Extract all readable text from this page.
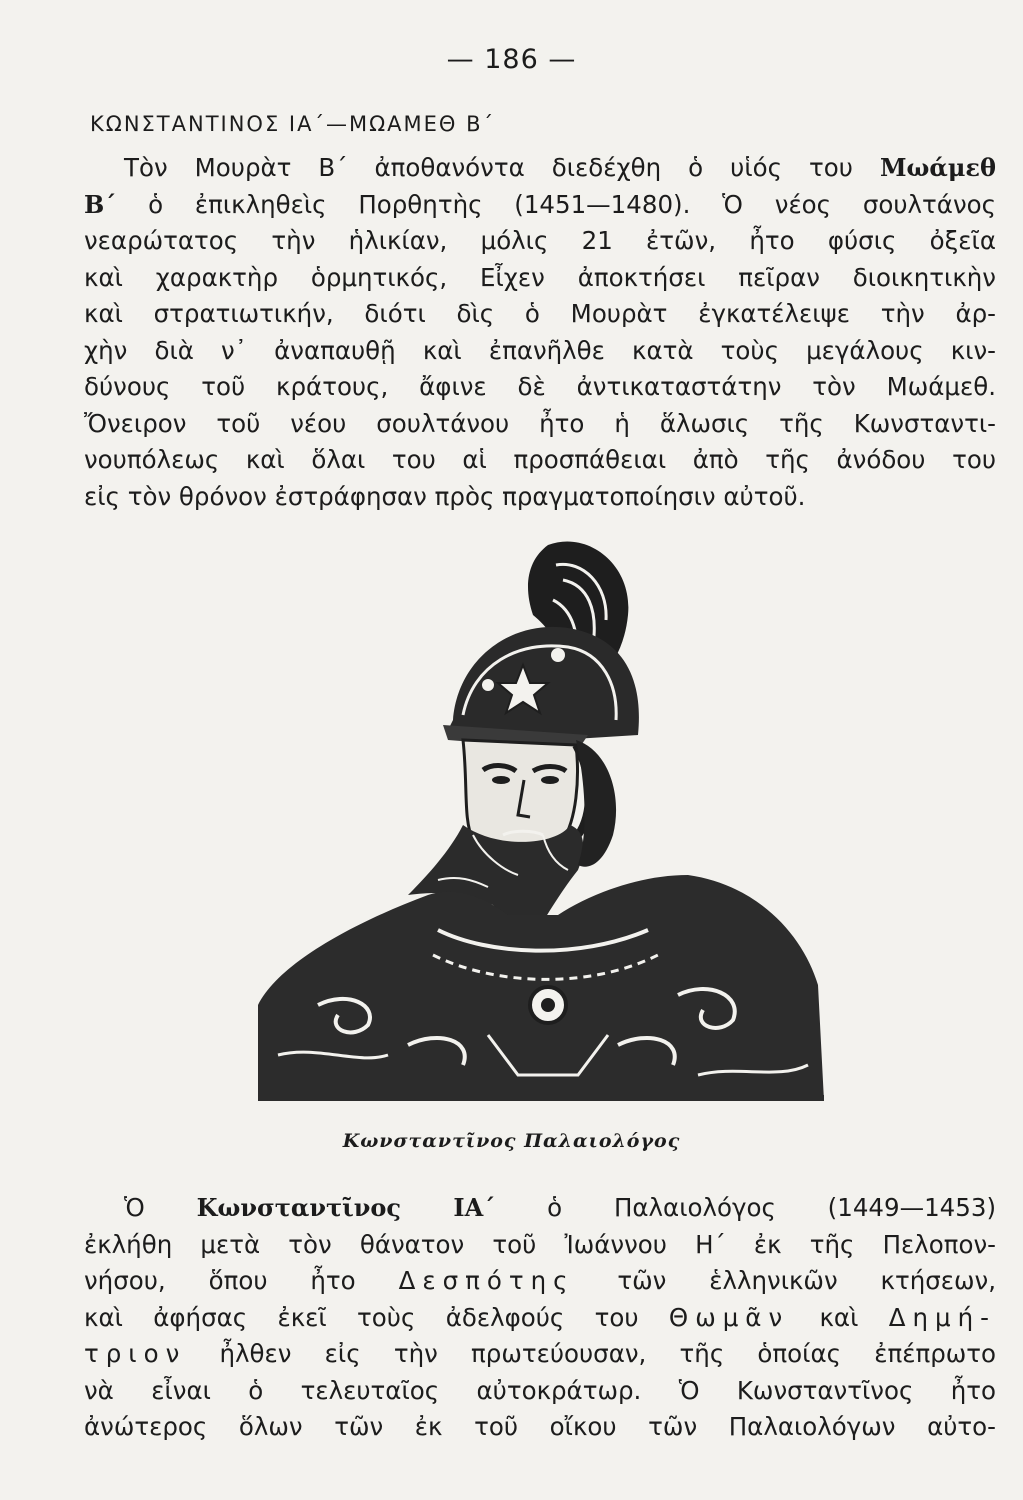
— 186 —
ΚΩΝΣΤΑΝΤΙΝΟΣ ΙΑ΄—ΜΩΑΜΕΘ Β΄
Τὸν Μουρὰτ Β΄ ἀποθανόντα διεδέχθη ὁ υἱός του Μωάμεθ
Β΄ ὁ ἐπικληθεὶς Πορθητὴς (1451—1480). Ὁ νέος σουλτάνος
νεαρώτατος τὴν ἡλικίαν, μόλις 21 ἐτῶν, ἦτο φύσις ὀξεῖα
καὶ χαρακτὴρ ὁρμητικός, Εἶχεν ἀποκτήσει πεῖραν διοικητικὴν
καὶ στρατιωτικήν, διότι δὶς ὁ Μουρὰτ ἐγκατέλειψε τὴν ἀρ-
χὴν διὰ ν᾿ ἀναπαυθῇ καὶ ἐπανῆλθε κατὰ τοὺς μεγάλους κιν-
δύνους τοῦ κράτους, ἄφινε δὲ ἀντικαταστάτην τὸν Μωάμεθ.
Ὄνειρον τοῦ νέου σουλτάνου ἦτο ἡ ἅλωσις τῆς Κωνσταντι-
νουπόλεως καὶ ὅλαι του αἱ προσπάθειαι ἀπὸ τῆς ἀνόδου του
εἰς τὸν θρόνον ἐστράφησαν πρὸς πραγματοποίησιν αὐτοῦ.
Κωνσταντῖνος Παλαιολόγος
Ὁ Κωνσταντῖνος ΙΑ΄ ὁ Παλαιολόγος (1449—1453)
ἐκλήθη μετὰ τὸν θάνατον τοῦ Ἰωάννου Η΄ ἐκ τῆς Πελοπον-
νήσου, ὅπου ἦτο Δεσπότης τῶν ἑλληνικῶν κτήσεων,
καὶ ἀφήσας ἐκεῖ τοὺς ἀδελφούς του Θωμᾶν καὶ Δημή-
τριον ἦλθεν εἰς τὴν πρωτεύουσαν, τῆς ὁποίας ἐπέπρωτο
νὰ εἶναι ὁ τελευταῖος αὐτοκράτωρ. Ὁ Κωνσταντῖνος ἦτο
ἀνώτερος ὅλων τῶν ἐκ τοῦ οἴκου τῶν Παλαιολόγων αὐτο-
